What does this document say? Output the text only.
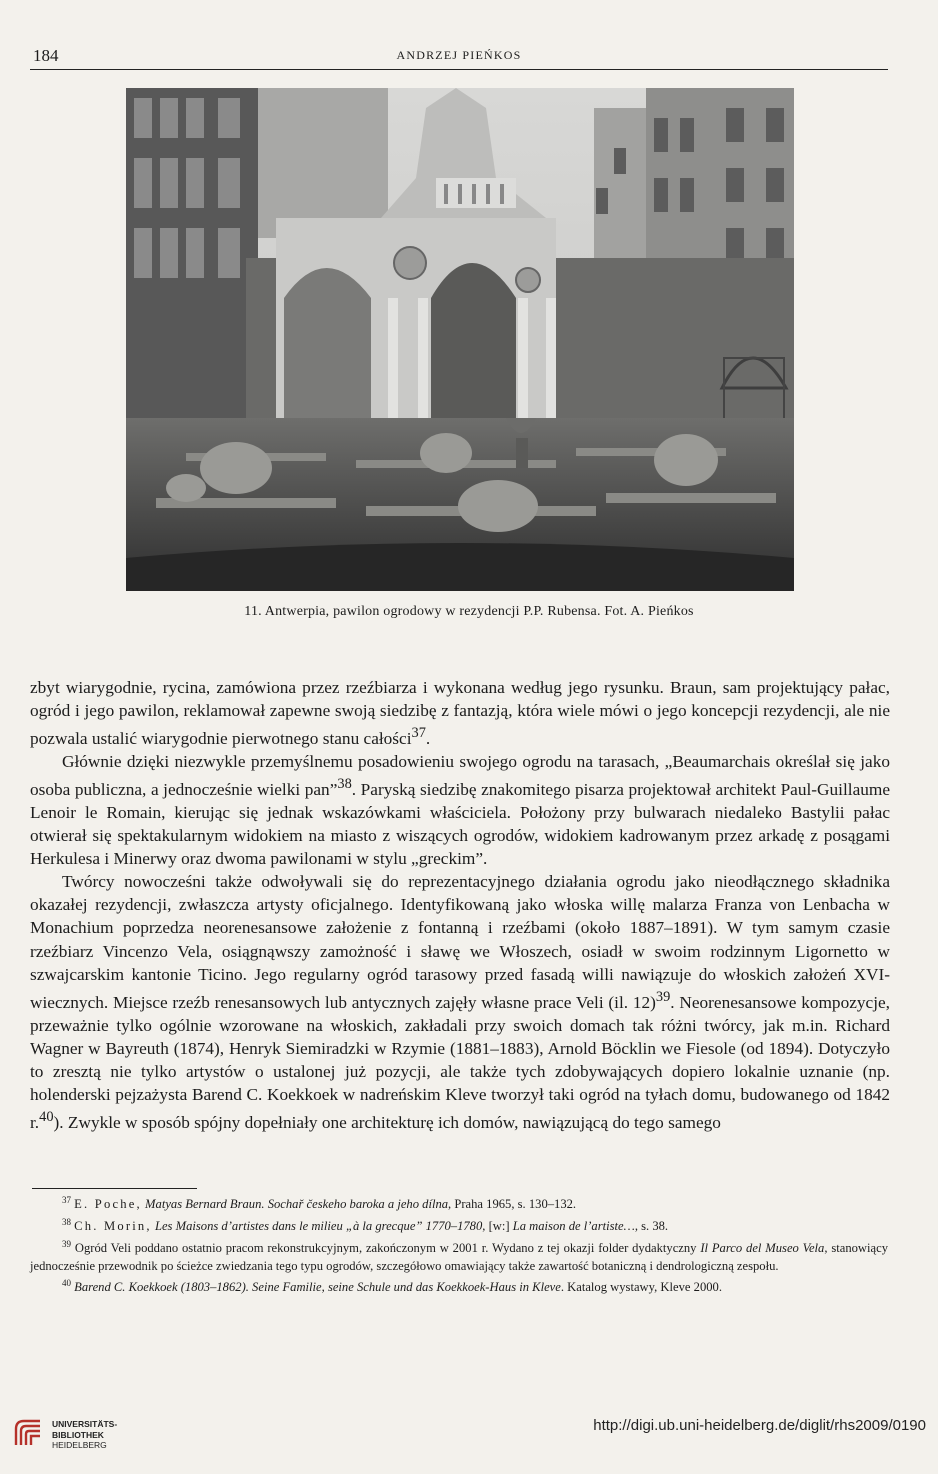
184	ANDRZEJ PIEŃKOS
11. Antwerpia, pawilon ogrodowy w rezydencji P.P. Rubensa. Fot. A. Pieńkos

zbyt wiarygodnie, rycina, zamówiona przez rzeźbiarza i wykonana według jego rysunku. Braun, sam projektujący pałac, ogród i jego pawilon, reklamował zapewne swoją siedzibę z fantazją, która wiele mówi o jego koncepcji rezydencji, ale nie pozwala ustalić wiarygodnie pierwotnego stanu całości$^{37}$.

Głównie dzięki niezwykle przemyślnemu posadowieniu swojego ogrodu na tarasach, „Beaumarchais określał się jako osoba publiczna, a jednocześnie wielki pan”$^{38}$. Paryską siedzibę znakomitego pisarza projektował architekt Paul-Guillaume Lenoir le Romain, kierując się jednak wskazówkami właściciela. Położony przy bulwarach niedaleko Bastylii pałac otwierał się spektakularnym widokiem na miasto z wiszących ogrodów, widokiem kadrowanym przez arkadę z posągami Herkulesa i Minerwy oraz dwoma pawilonami w stylu „greckim”.

Twórcy nowocześni także odwoływali się do reprezentacyjnego działania ogrodu jako nieodłącznego składnika okazałej rezydencji, zwłaszcza artysty oficjalnego. Identyfikowaną jako włoska willę malarza Franza von Lenbacha w Monachium poprzedza neorenesansowe założenie z fontanną i rzeźbami (około 1887–1891). W tym samym czasie rzeźbiarz Vincenzo Vela, osiągnąwszy zamożność i sławę we Włoszech, osiadł w swoim rodzinnym Ligornetto w szwajcarskim kantonie Ticino. Jego regularny ogród tarasowy przed fasadą willi nawiązuje do włoskich założeń XVI-wiecznych. Miejsce rzeźb renesansowych lub antycznych zajęły własne prace Veli (il. 12)$^{39}$. Neorenesansowe kompozycje, przeważnie tylko ogólnie wzorowane na włoskich, zakładali przy swoich domach tak różni twórcy, jak m.in. Richard Wagner w Bayreuth (1874), Henryk Siemiradzki w Rzymie (1881–1883), Arnold Böcklin we Fiesole (od 1894). Dotyczyło to zresztą nie tylko artystów o ustalonej już pozycji, ale także tych zdobywających dopiero lokalnie uznanie (np. holenderski pejzażysta Barend C. Koekkoek w nadreńskim Kleve tworzył taki ogród na tyłach domu, budowanego od 1842 r.$^{40}$). Zwykle w sposób spójny dopełniały one architekturę ich domów, nawiązującą do tego samego

$^{37}$ E. Poche, Matyas Bernard Braun. Sochař českeho baroka a jeho dílna, Praha 1965, s. 130–132.

$^{38}$ Ch. Morin, Les Maisons d’artistes dans le milieu „à la grecque” 1770–1780, [w:] La maison de l’artiste…, s. 38.

$^{39}$ Ogród Veli poddano ostatnio pracom rekonstrukcyjnym, zakończonym w 2001 r. Wydano z tej okazji folder dydaktyczny Il Parco del Museo Vela, stanowiący jednocześnie przewodnik po ścieżce zwiedzania tego typu ogrodów, szczegółowo omawiający także zawartość botaniczną i dendrologiczną zespołu.

$^{40}$ Barend C. Koekkoek (1803–1862). Seine Familie, seine Schule und das Koekkoek-Haus in Kleve. Katalog wystawy, Kleve 2000.

UNIVERSITÄTS-
BIBLIOTHEK
HEIDELBERG
http://digi.ub.uni-heidelberg.de/diglit/rhs2009/0190
